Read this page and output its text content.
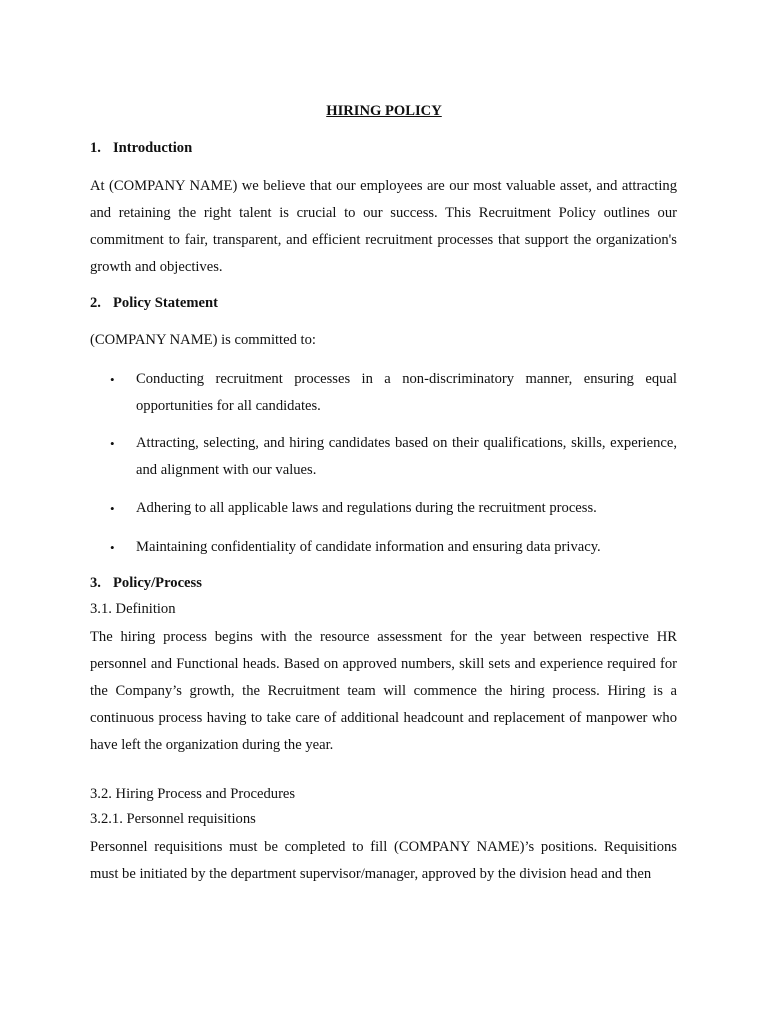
HIRING POLICY
1. Introduction

At (COMPANY NAME) we believe that our employees are our most valuable asset, and attracting and retaining the right talent is crucial to our success. This Recruitment Policy outlines our commitment to fair, transparent, and efficient recruitment processes that support the organization's growth and objectives.

2. Policy Statement
(COMPANY NAME) is committed to:
•	Conducting recruitment processes in a non-discriminatory manner, ensuring equal opportunities for all candidates.
•	Attracting, selecting, and hiring candidates based on their qualifications, skills, experience, and alignment with our values.
•	Adhering to all applicable laws and regulations during the recruitment process.
•	Maintaining confidentiality of candidate information and ensuring data privacy.
3. Policy/Process
3.1. Definition

The hiring process begins with the resource assessment for the year between respective HR personnel and Functional heads. Based on approved numbers, skill sets and experience required for the Company’s growth, the Recruitment team will commence the hiring process. Hiring is a continuous process having to take care of additional headcount and replacement of manpower who have left the organization during the year.

3.2. Hiring Process and Procedures
3.2.1. Personnel requisitions

Personnel requisitions must be completed to fill (COMPANY NAME)’s positions. Requisitions must be initiated by the department supervisor/manager, approved by the division head and then
